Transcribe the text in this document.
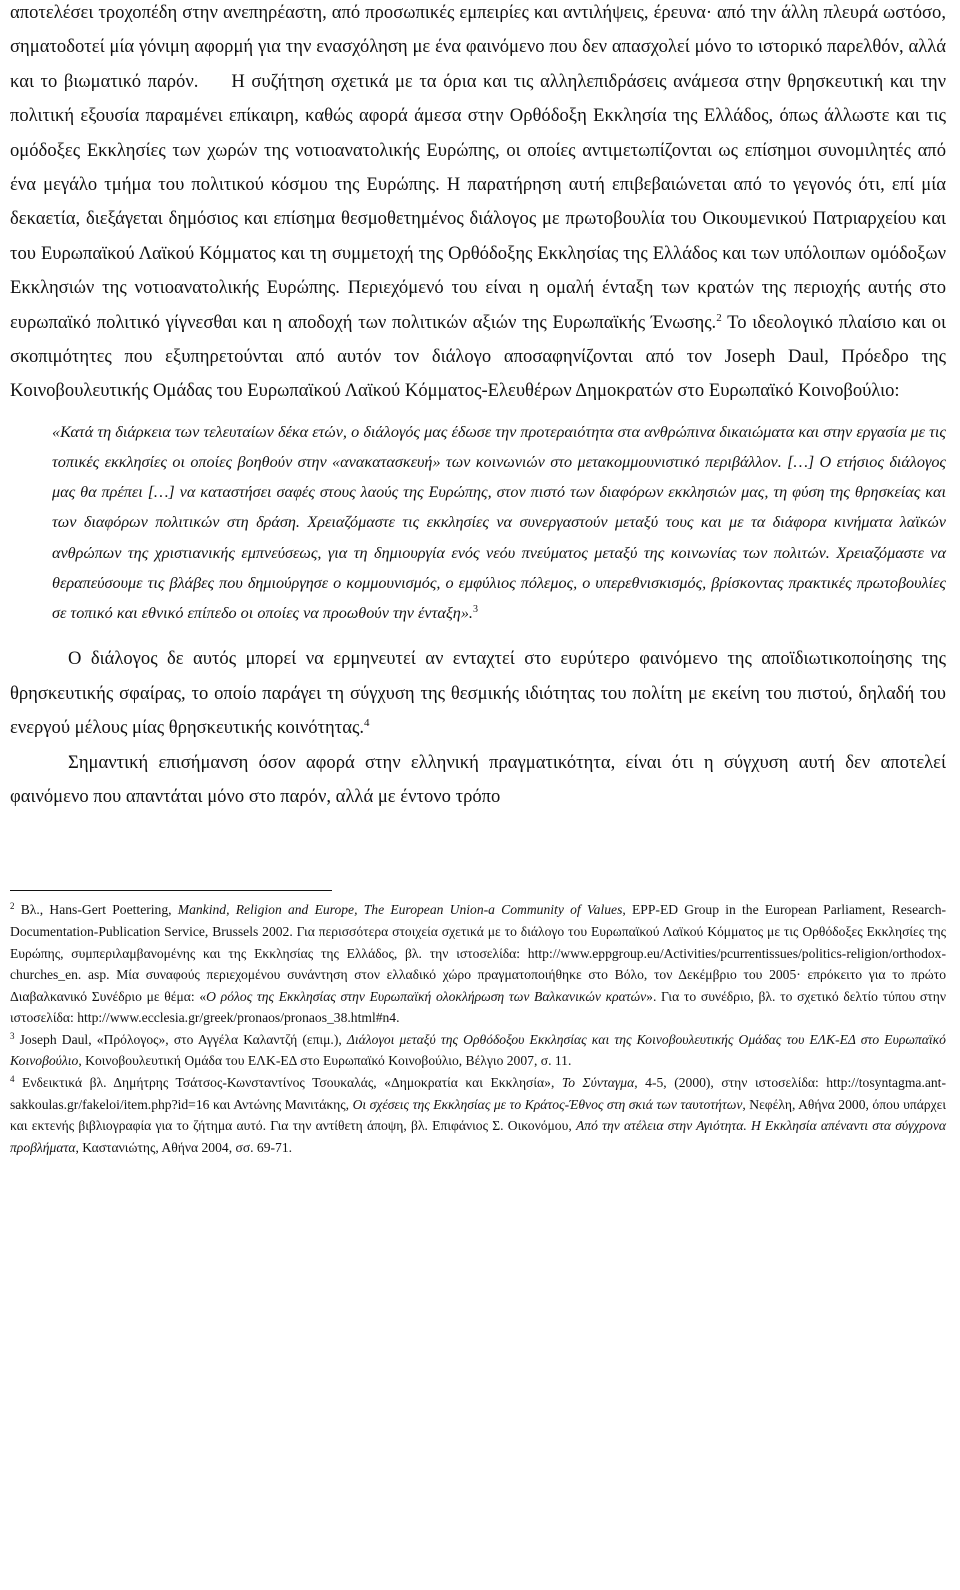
αποτελέσει τροχοπέδη στην ανεπηρέαστη, από προσωπικές εμπειρίες και αντιλήψεις, έρευνα· από την άλλη πλευρά ωστόσο, σηματοδοτεί μία γόνιμη αφορμή για την ενασχόληση με ένα φαινόμενο που δεν απασχολεί μόνο το ιστορικό παρελθόν, αλλά και το βιωματικό παρόν. Η συζήτηση σχετικά με τα όρια και τις αλληλεπιδράσεις ανάμεσα στην θρησκευτική και την πολιτική εξουσία παραμένει επίκαιρη, καθώς αφορά άμεσα στην Ορθόδοξη Εκκλησία της Ελλάδος, όπως άλλωστε και τις ομόδοξες Εκκλησίες των χωρών της νοτιοανατολικής Ευρώπης, οι οποίες αντιμετωπίζονται ως επίσημοι συνομιλητές από ένα μεγάλο τμήμα του πολιτικού κόσμου της Ευρώπης. Η παρατήρηση αυτή επιβεβαιώνεται από το γεγονός ότι, επί μία δεκαετία, διεξάγεται δημόσιος και επίσημα θεσμοθετημένος διάλογος με πρωτοβουλία του Οικουμενικού Πατριαρχείου και του Ευρωπαϊκού Λαϊκού Κόμματος και τη συμμετοχή της Ορθόδοξης Εκκλησίας της Ελλάδος και των υπόλοιπων ομόδοξων Εκκλησιών της νοτιοανατολικής Ευρώπης. Περιεχόμενό του είναι η ομαλή ένταξη των κρατών της περιοχής αυτής στο ευρωπαϊκό πολιτικό γίγνεσθαι και η αποδοχή των πολιτικών αξιών της Ευρωπαϊκής Ένωσης.$^2$ Το ιδεολογικό πλαίσιο και οι σκοπιμότητες που εξυπηρετούνται από αυτόν τον διάλογο αποσαφηνίζονται από τον Joseph Daul, Πρόεδρο της Κοινοβουλευτικής Ομάδας του Ευρωπαϊκού Λαϊκού Κόμματος-Ελευθέρων Δημοκρατών στο Ευρωπαϊκό Κοινοβούλιο:

«Κατά τη διάρκεια των τελευταίων δέκα ετών, ο διάλογός μας έδωσε την προτεραιότητα στα ανθρώπινα δικαιώματα και στην εργασία με τις τοπικές εκκλησίες οι οποίες βοηθούν στην «ανακατασκευή» των κοινωνιών στο μετακομμουνιστικό περιβάλλον. […] Ο ετήσιος διάλογος μας θα πρέπει […] να καταστήσει σαφές στους λαούς της Ευρώπης, στον πιστό των διαφόρων εκκλησιών μας, τη φύση της θρησκείας και των διαφόρων πολιτικών στη δράση. Χρειαζόμαστε τις εκκλησίες να συνεργαστούν μεταξύ τους και με τα διάφορα κινήματα λαϊκών ανθρώπων της χριστιανικής εμπνεύσεως, για τη δημιουργία ενός νεόυ πνεύματος μεταξύ της κοινωνίας των πολιτών. Χρειαζόμαστε να θεραπεύσουμε τις βλάβες που δημιούργησε ο κομμουνισμός, ο εμφύλιος πόλεμος, ο υπερεθνισκισμός, βρίσκοντας πρακτικές πρωτοβουλίες σε τοπικό και εθνικό επίπεδο οι οποίες να προωθούν την ένταξη».$^3$

Ο διάλογος δε αυτός μπορεί να ερμηνευτεί αν ενταχτεί στο ευρύτερο φαινόμενο της αποϊδιωτικοποίησης της θρησκευτικής σφαίρας, το οποίο παράγει τη σύγχυση της θεσμικής ιδιότητας του πολίτη με εκείνη του πιστού, δηλαδή του ενεργού μέλους μίας θρησκευτικής κοινότητας.$^4$

Σημαντική επισήμανση όσον αφορά στην ελληνική πραγματικότητα, είναι ότι η σύγχυση αυτή δεν αποτελεί φαινόμενο που απαντάται μόνο στο παρόν, αλλά με έντονο τρόπο

$^2$ Βλ., Hans-Gert Poettering, Mankind, Religion and Europe, The European Union-a Community of Values, EPP-ED Group in the European Parliament, Research-Documentation-Publication Service, Brussels 2002. Για περισσότερα στοιχεία σχετικά με το διάλογο του Ευρωπαϊκού Λαϊκού Κόμματος με τις Ορθόδοξες Εκκλησίες της Ευρώπης, συμπεριλαμβανομένης και της Εκκλησίας της Ελλάδος, βλ. την ιστοσελίδα: http://www.eppgroup.eu/Activities/pcurrentissues/politics-religion/orthodox-churches_en. asp. Μία συναφούς περιεχομένου συνάντηση στον ελλαδικό χώρο πραγματοποιήθηκε στο Βόλο, τον Δεκέμβριο του 2005· επρόκειτο για το πρώτο Διαβαλκανικό Συνέδριο με θέμα: «Ο ρόλος της Εκκλησίας στην Ευρωπαϊκή ολοκλήρωση των Βαλκανικών κρατών». Για το συνέδριο, βλ. το σχετικό δελτίο τύπου στην ιστοσελίδα: http://www.ecclesia.gr/greek/pronaos/pronaos_38.html#n4.

$^3$ Joseph Daul, «Πρόλογος», στο Αγγέλα Καλαντζή (επιμ.), Διάλογοι μεταξύ της Ορθόδοξου Εκκλησίας και της Κοινοβουλευτικής Ομάδας του ΕΛΚ-ΕΔ στο Ευρωπαϊκό Κοινοβούλιο, Κοινοβουλευτική Ομάδα του ΕΛΚ-ΕΔ στο Ευρωπαϊκό Κοινοβούλιο, Βέλγιο 2007, σ. 11.

$^4$ Ενδεικτικά βλ. Δημήτρης Τσάτσος-Κωνσταντίνος Τσουκαλάς, «Δημοκρατία και Εκκλησία», Το Σύνταγμα, 4-5, (2000), στην ιστοσελίδα: http://tosyntagma.ant-sakkoulas.gr/fakeloi/item.php?id=16 και Αντώνης Μανιτάκης, Οι σχέσεις της Εκκλησίας με το Κράτος-Έθνος στη σκιά των ταυτοτήτων, Νεφέλη, Αθήνα 2000, όπου υπάρχει και εκτενής βιβλιογραφία για το ζήτημα αυτό. Για την αντίθετη άποψη, βλ. Επιφάνιος Σ. Οικονόμου, Από την ατέλεια στην Αγιότητα. Η Εκκλησία απέναντι στα σύγχρονα προβλήματα, Καστανιώτης, Αθήνα 2004, σσ. 69-71.
